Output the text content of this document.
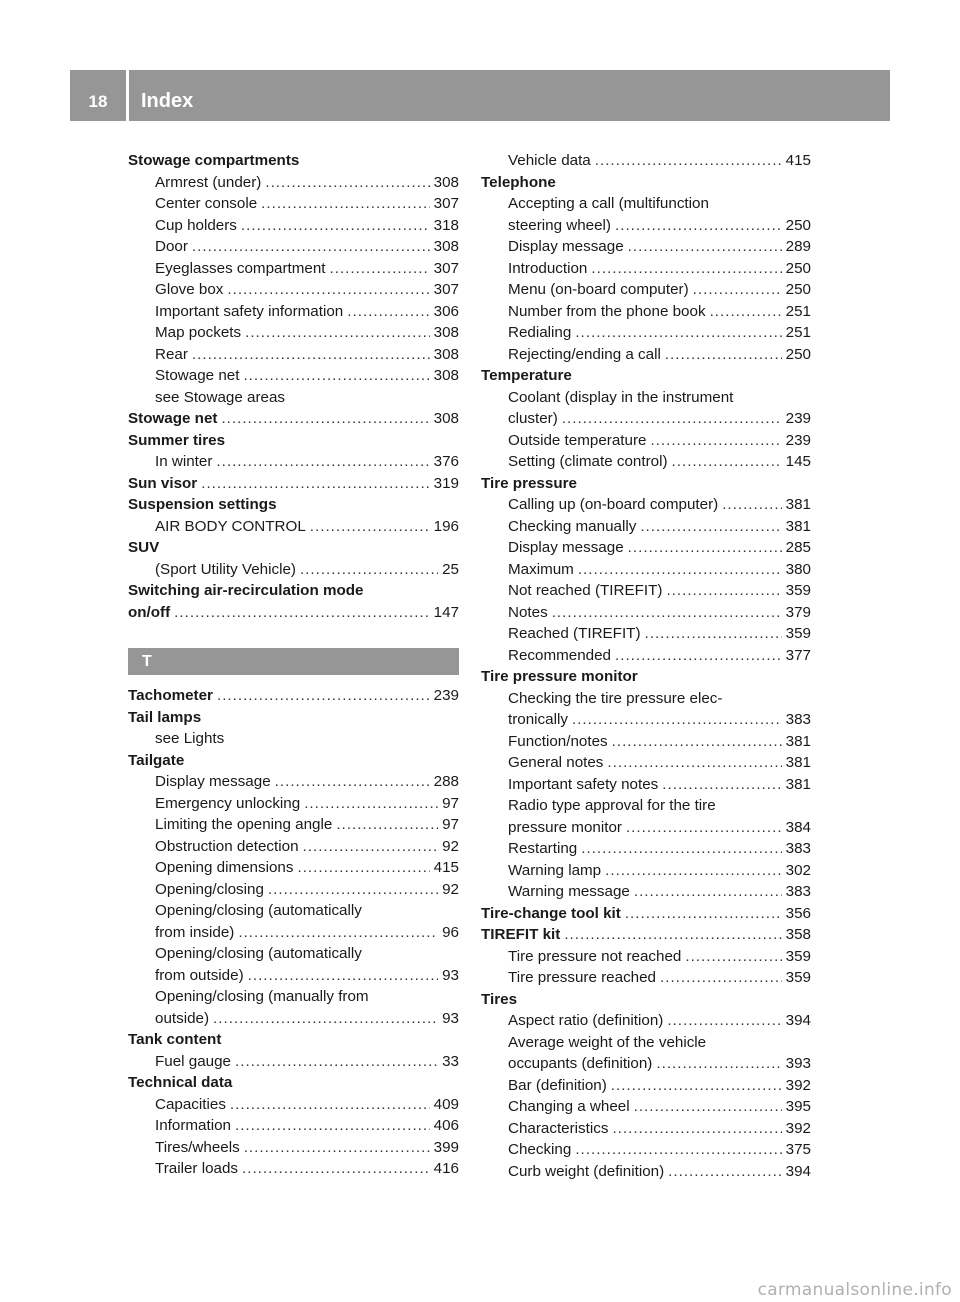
18	Index
Stowage compartments
Armrest (under) .....	308
Center console .....	307
Cup holders .....	318
Door .....	308
Eyeglasses compartment .....	307
Glove box .....	307
Important safety information .....	306
Map pockets .....	308
Rear .....	308
Stowage net .....	308
see Stowage areas
Stowage net .....	308
Summer tires
In winter .....	376
Sun visor .....	319
Suspension settings
AIR BODY CONTROL .....	196
SUV
(Sport Utility Vehicle) .....	25
Switching air-recirculation mode
on/off .....	147
T
Tachometer .....	239
Tail lamps
see Lights
Tailgate
Display message .....	288
Emergency unlocking .....	97
Limiting the opening angle .....	97
Obstruction detection .....	92
Opening dimensions .....	415
Opening/closing .....	92
Opening/closing (automatically
from inside) .....	96
Opening/closing (automatically
from outside) .....	93
Opening/closing (manually from
outside) .....	93
Tank content
Fuel gauge .....	33
Technical data
Capacities .....	409
Information .....	406
Tires/wheels .....	399
Trailer loads .....	416
Vehicle data .....	415
Telephone
Accepting a call (multifunction
steering wheel) .....	250
Display message .....	289
Introduction .....	250
Menu (on-board computer) .....	250
Number from the phone book .....	251
Redialing .....	251
Rejecting/ending a call .....	250
Temperature
Coolant (display in the instrument
cluster) .....	239
Outside temperature .....	239
Setting (climate control) .....	145
Tire pressure
Calling up (on-board computer) .....	381
Checking manually .....	381
Display message .....	285
Maximum .....	380
Not reached (TIREFIT) .....	359
Notes .....	379
Reached (TIREFIT) .....	359
Recommended .....	377
Tire pressure monitor
Checking the tire pressure elec-
tronically .....	383
Function/notes .....	381
General notes .....	381
Important safety notes .....	381
Radio type approval for the tire
pressure monitor .....	384
Restarting .....	383
Warning lamp .....	302
Warning message .....	383
Tire-change tool kit .....	356
TIREFIT kit .....	358
Tire pressure not reached .....	359
Tire pressure reached .....	359
Tires
Aspect ratio (definition) .....	394
Average weight of the vehicle
occupants (definition) .....	393
Bar (definition) .....	392
Changing a wheel .....	395
Characteristics .....	392
Checking .....	375
Curb weight (definition) .....	394
carmanualsonline.info
